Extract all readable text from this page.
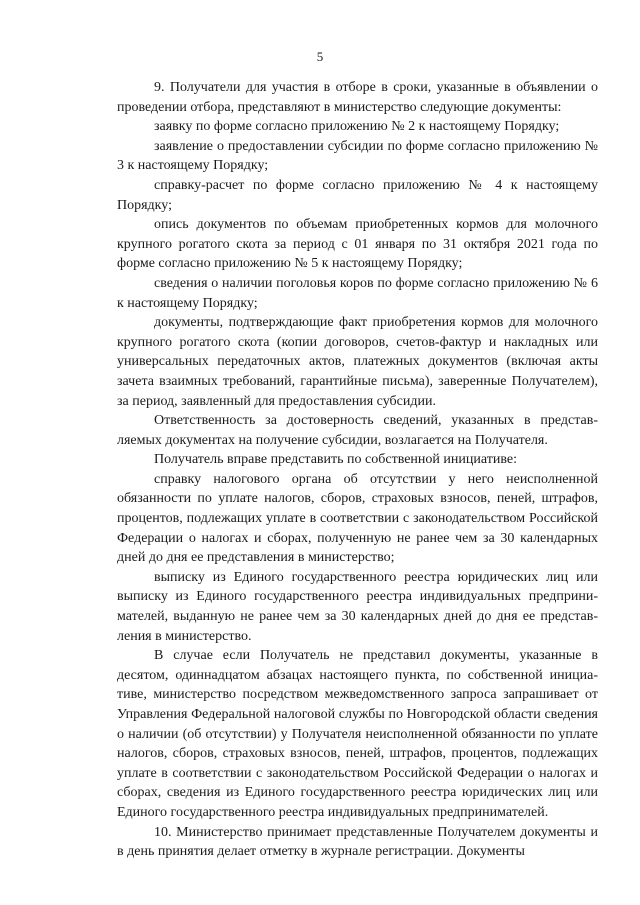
5

9. Получатели для участия в отборе в сроки, указанные в объявлении о проведении отбора, представляют в министерство следующие документы:

заявку по форме согласно приложению № 2 к настоящему Порядку;

заявление о предоставлении субсидии по форме согласно приложению № 3 к настоящему Порядку;

справку-расчет по форме согласно приложению № 4 к настоящему Порядку;

опись документов по объемам приобретенных кормов для молочного крупного рогатого скота за период с 01 января по 31 октября 2021 года по форме согласно приложению № 5 к настоящему Порядку;

сведения о наличии поголовья коров по форме согласно приложению № 6 к настоящему Порядку;

документы, подтверждающие факт приобретения кормов для молочного крупного рогатого скота (копии договоров, счетов-фактур и накладных или универсальных передаточных актов, платежных документов (включая акты зачета взаимных требований, гарантийные письма), заверенные Получателем), за период, заявленный для предоставления субсидии.

Ответственность за достоверность сведений, указанных в представляемых документах на получение субсидии, возлагается на Получателя.

Получатель вправе представить по собственной инициативе:

справку налогового органа об отсутствии у него неисполненной обязанности по уплате налогов, сборов, страховых взносов, пеней, штрафов, процентов, подлежащих уплате в соответствии с законодательством Российской Федерации о налогах и сборах, полученную не ранее чем за 30 календарных дней до дня ее представления в министерство;

выписку из Единого государственного реестра юридических лиц или выписку из Единого государственного реестра индивидуальных предпринимателей, выданную не ранее чем за 30 календарных дней до дня ее представления в министерство.

В случае если Получатель не представил документы, указанные в десятом, одиннадцатом абзацах настоящего пункта, по собственной инициативе, министерство посредством межведомственного запроса запрашивает от Управления Федеральной налоговой службы по Новгородской области сведения о наличии (об отсутствии) у Получателя неисполненной обязанности по уплате налогов, сборов, страховых взносов, пеней, штрафов, процентов, подлежащих уплате в соответствии с законодательством Российской Федерации о налогах и сборах, сведения из Единого государственного реестра юридических лиц или Единого государственного реестра индивидуальных предпринимателей.

10. Министерство принимает представленные Получателем документы и в день принятия делает отметку в журнале регистрации. Документы
